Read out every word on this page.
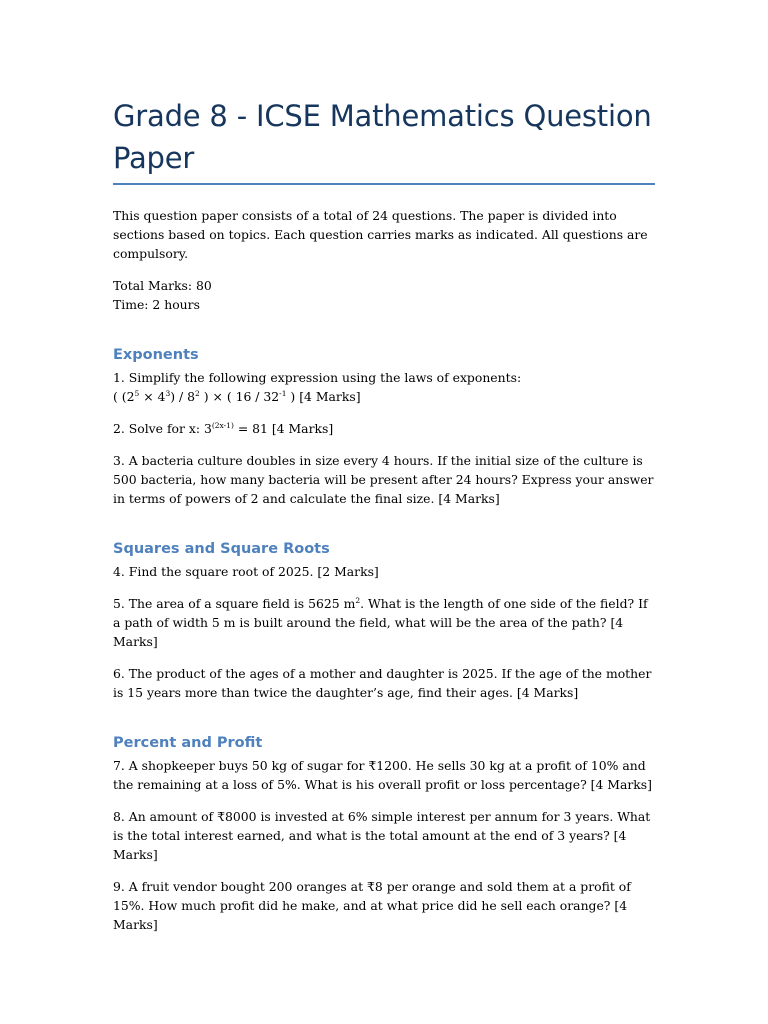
Grade 8 - ICSE Mathematics Question Paper

This question paper consists of a total of 24 questions. The paper is divided into sections based on topics. Each question carries marks as indicated. All questions are compulsory.

Total Marks: 80

Time: 2 hours

Exponents

1. Simplify the following expression using the laws of exponents:
( $(2^5 \times 4^3) / 8^2$ ) × ( $16 / 32^{-1}$ ) [4 Marks]

2. Solve for x: $3^{(2x-1)} = 81$ [4 Marks]

3. A bacteria culture doubles in size every 4 hours. If the initial size of the culture is 500 bacteria, how many bacteria will be present after 24 hours? Express your answer in terms of powers of 2 and calculate the final size. [4 Marks]

Squares and Square Roots

4. Find the square root of 2025. [2 Marks]

5. The area of a square field is 5625 $m^2$. What is the length of one side of the field? If a path of width 5 m is built around the field, what will be the area of the path? [4 Marks]

6. The product of the ages of a mother and daughter is 2025. If the age of the mother is 15 years more than twice the daughter’s age, find their ages. [4 Marks]

Percent and Profit

7. A shopkeeper buys 50 kg of sugar for ₹1200. He sells 30 kg at a profit of 10% and the remaining at a loss of 5%. What is his overall profit or loss percentage? [4 Marks]

8. An amount of ₹8000 is invested at 6% simple interest per annum for 3 years. What is the total interest earned, and what is the total amount at the end of 3 years? [4 Marks]

9. A fruit vendor bought 200 oranges at ₹8 per orange and sold them at a profit of 15%. How much profit did he make, and at what price did he sell each orange? [4 Marks]
